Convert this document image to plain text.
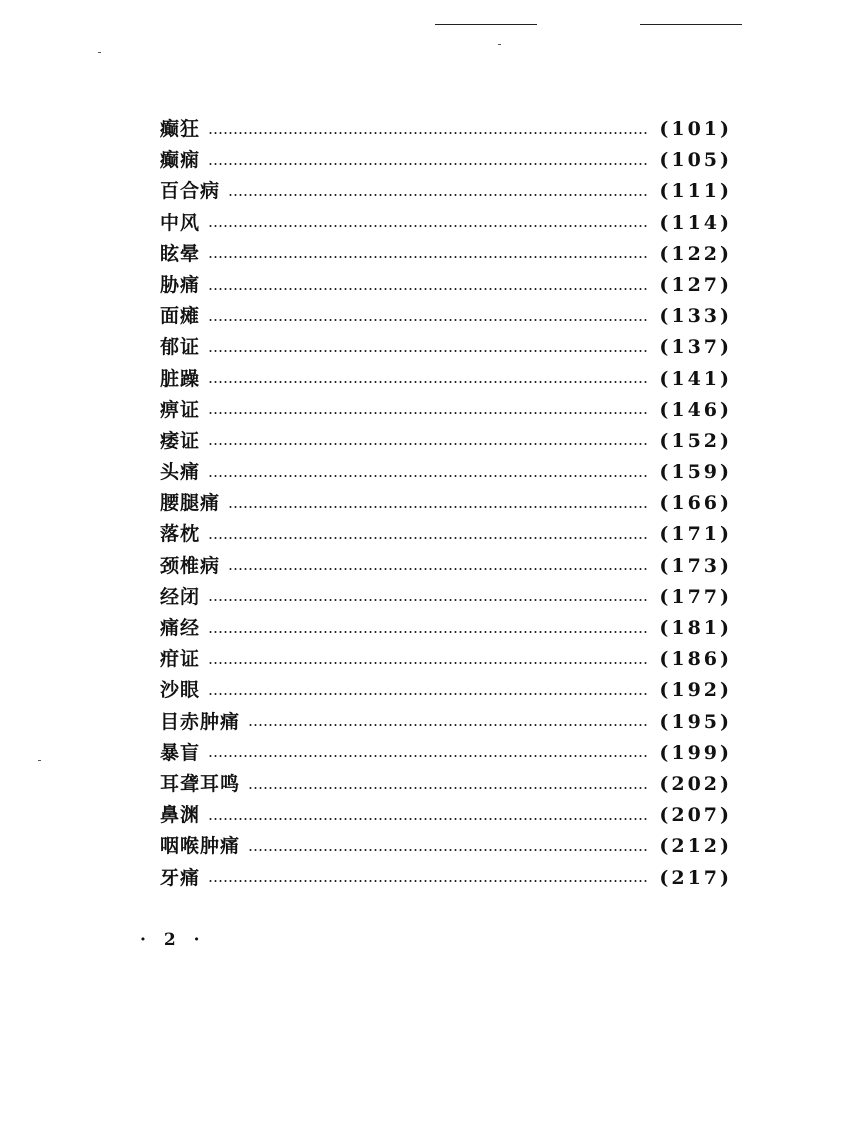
癫狂	(101)
癫痫	(105)
百合病	(111)
中风	(114)
眩晕	(122)
胁痛	(127)
面瘫	(133)
郁证	(137)
脏躁	(141)
痹证	(146)
痿证	(152)
头痛	(159)
腰腿痛	(166)
落枕	(171)
颈椎病	(173)
经闭	(177)
痛经	(181)
疳证	(186)
沙眼	(192)
目赤肿痛	(195)
暴盲	(199)
耳聋耳鸣	(202)
鼻渊	(207)
咽喉肿痛	(212)
牙痛	(217)
· 2 ·
